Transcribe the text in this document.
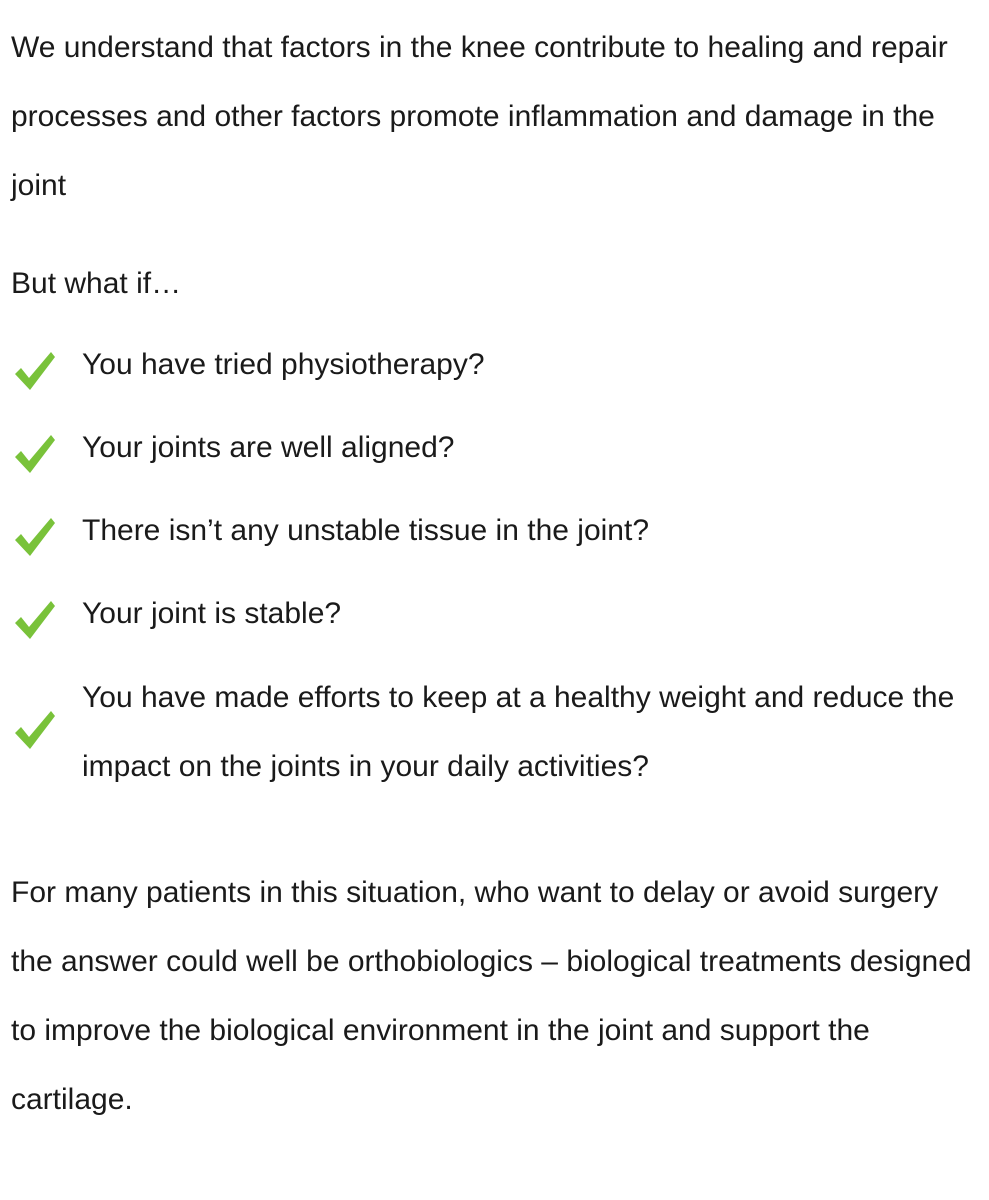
We understand that factors in the knee contribute to healing and repair processes and other factors promote inflammation and damage in the joint

But what if…

You have tried physiotherapy?
Your joints are well aligned?
There isn’t any unstable tissue in the joint?
Your joint is stable?
You have made efforts to keep at a healthy weight and reduce the impact on the joints in your daily activities?

For many patients in this situation, who want to delay or avoid surgery the answer could well be orthobiologics – biological treatments designed to improve the biological environment in the joint and support the cartilage.
